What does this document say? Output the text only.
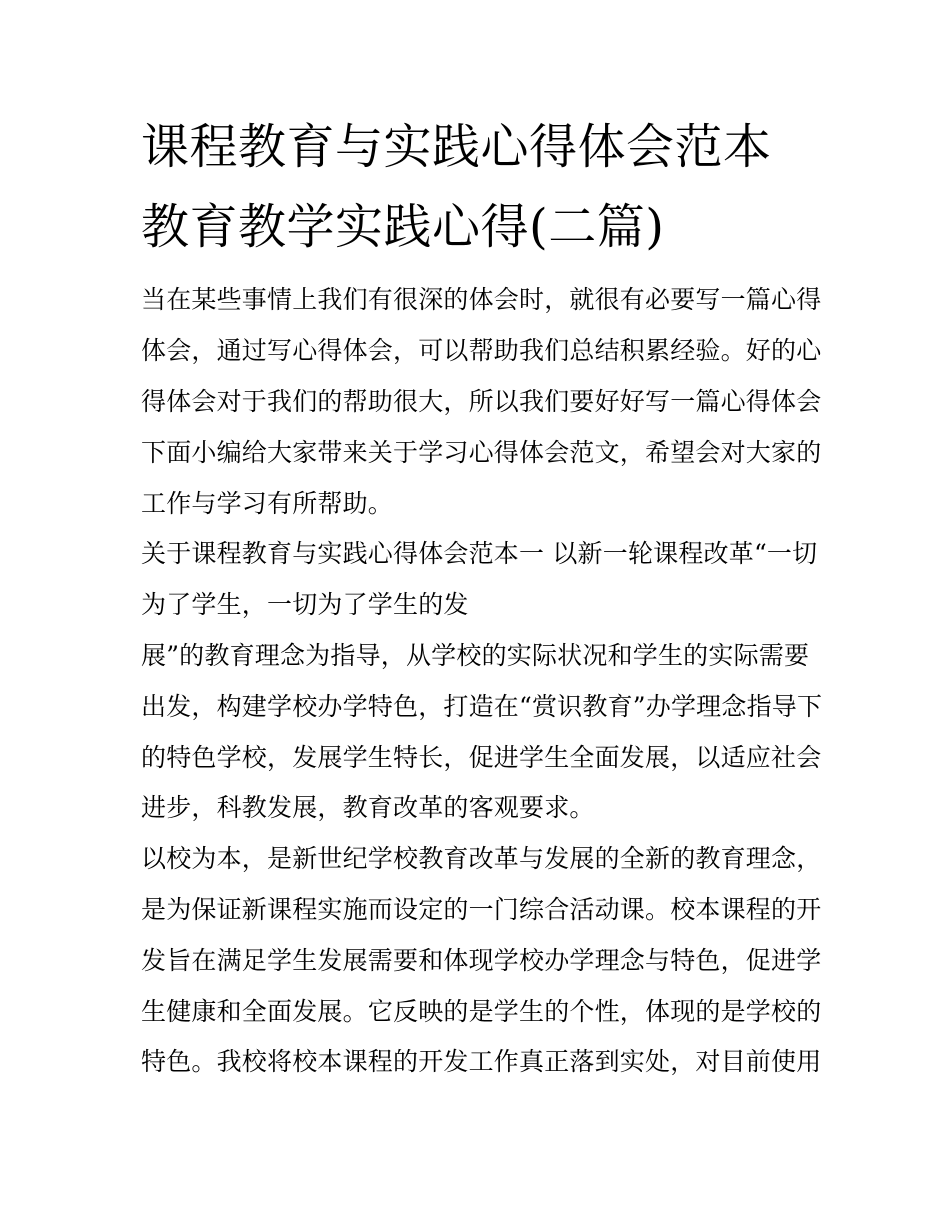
课程教育与实践心得体会范本
教育教学实践心得(二篇)
当在某些事情上我们有很深的体会时，就很有必要写一篇心得
体会，通过写心得体会，可以帮助我们总结积累经验。好的心
得体会对于我们的帮助很大，所以我们要好好写一篇心得体会
下面小编给大家带来关于学习心得体会范文，希望会对大家的
工作与学习有所帮助。
关于课程教育与实践心得体会范本一 以新一轮课程改革“一切
为了学生，一切为了学生的发
展”的教育理念为指导，从学校的实际状况和学生的实际需要
出发，构建学校办学特色，打造在“赏识教育”办学理念指导下
的特色学校，发展学生特长，促进学生全面发展，以适应社会
进步，科教发展，教育改革的客观要求。
以校为本，是新世纪学校教育改革与发展的全新的教育理念，
是为保证新课程实施而设定的一门综合活动课。校本课程的开
发旨在满足学生发展需要和体现学校办学理念与特色，促进学
生健康和全面发展。它反映的是学生的个性，体现的是学校的
特色。我校将校本课程的开发工作真正落到实处，对目前使用
